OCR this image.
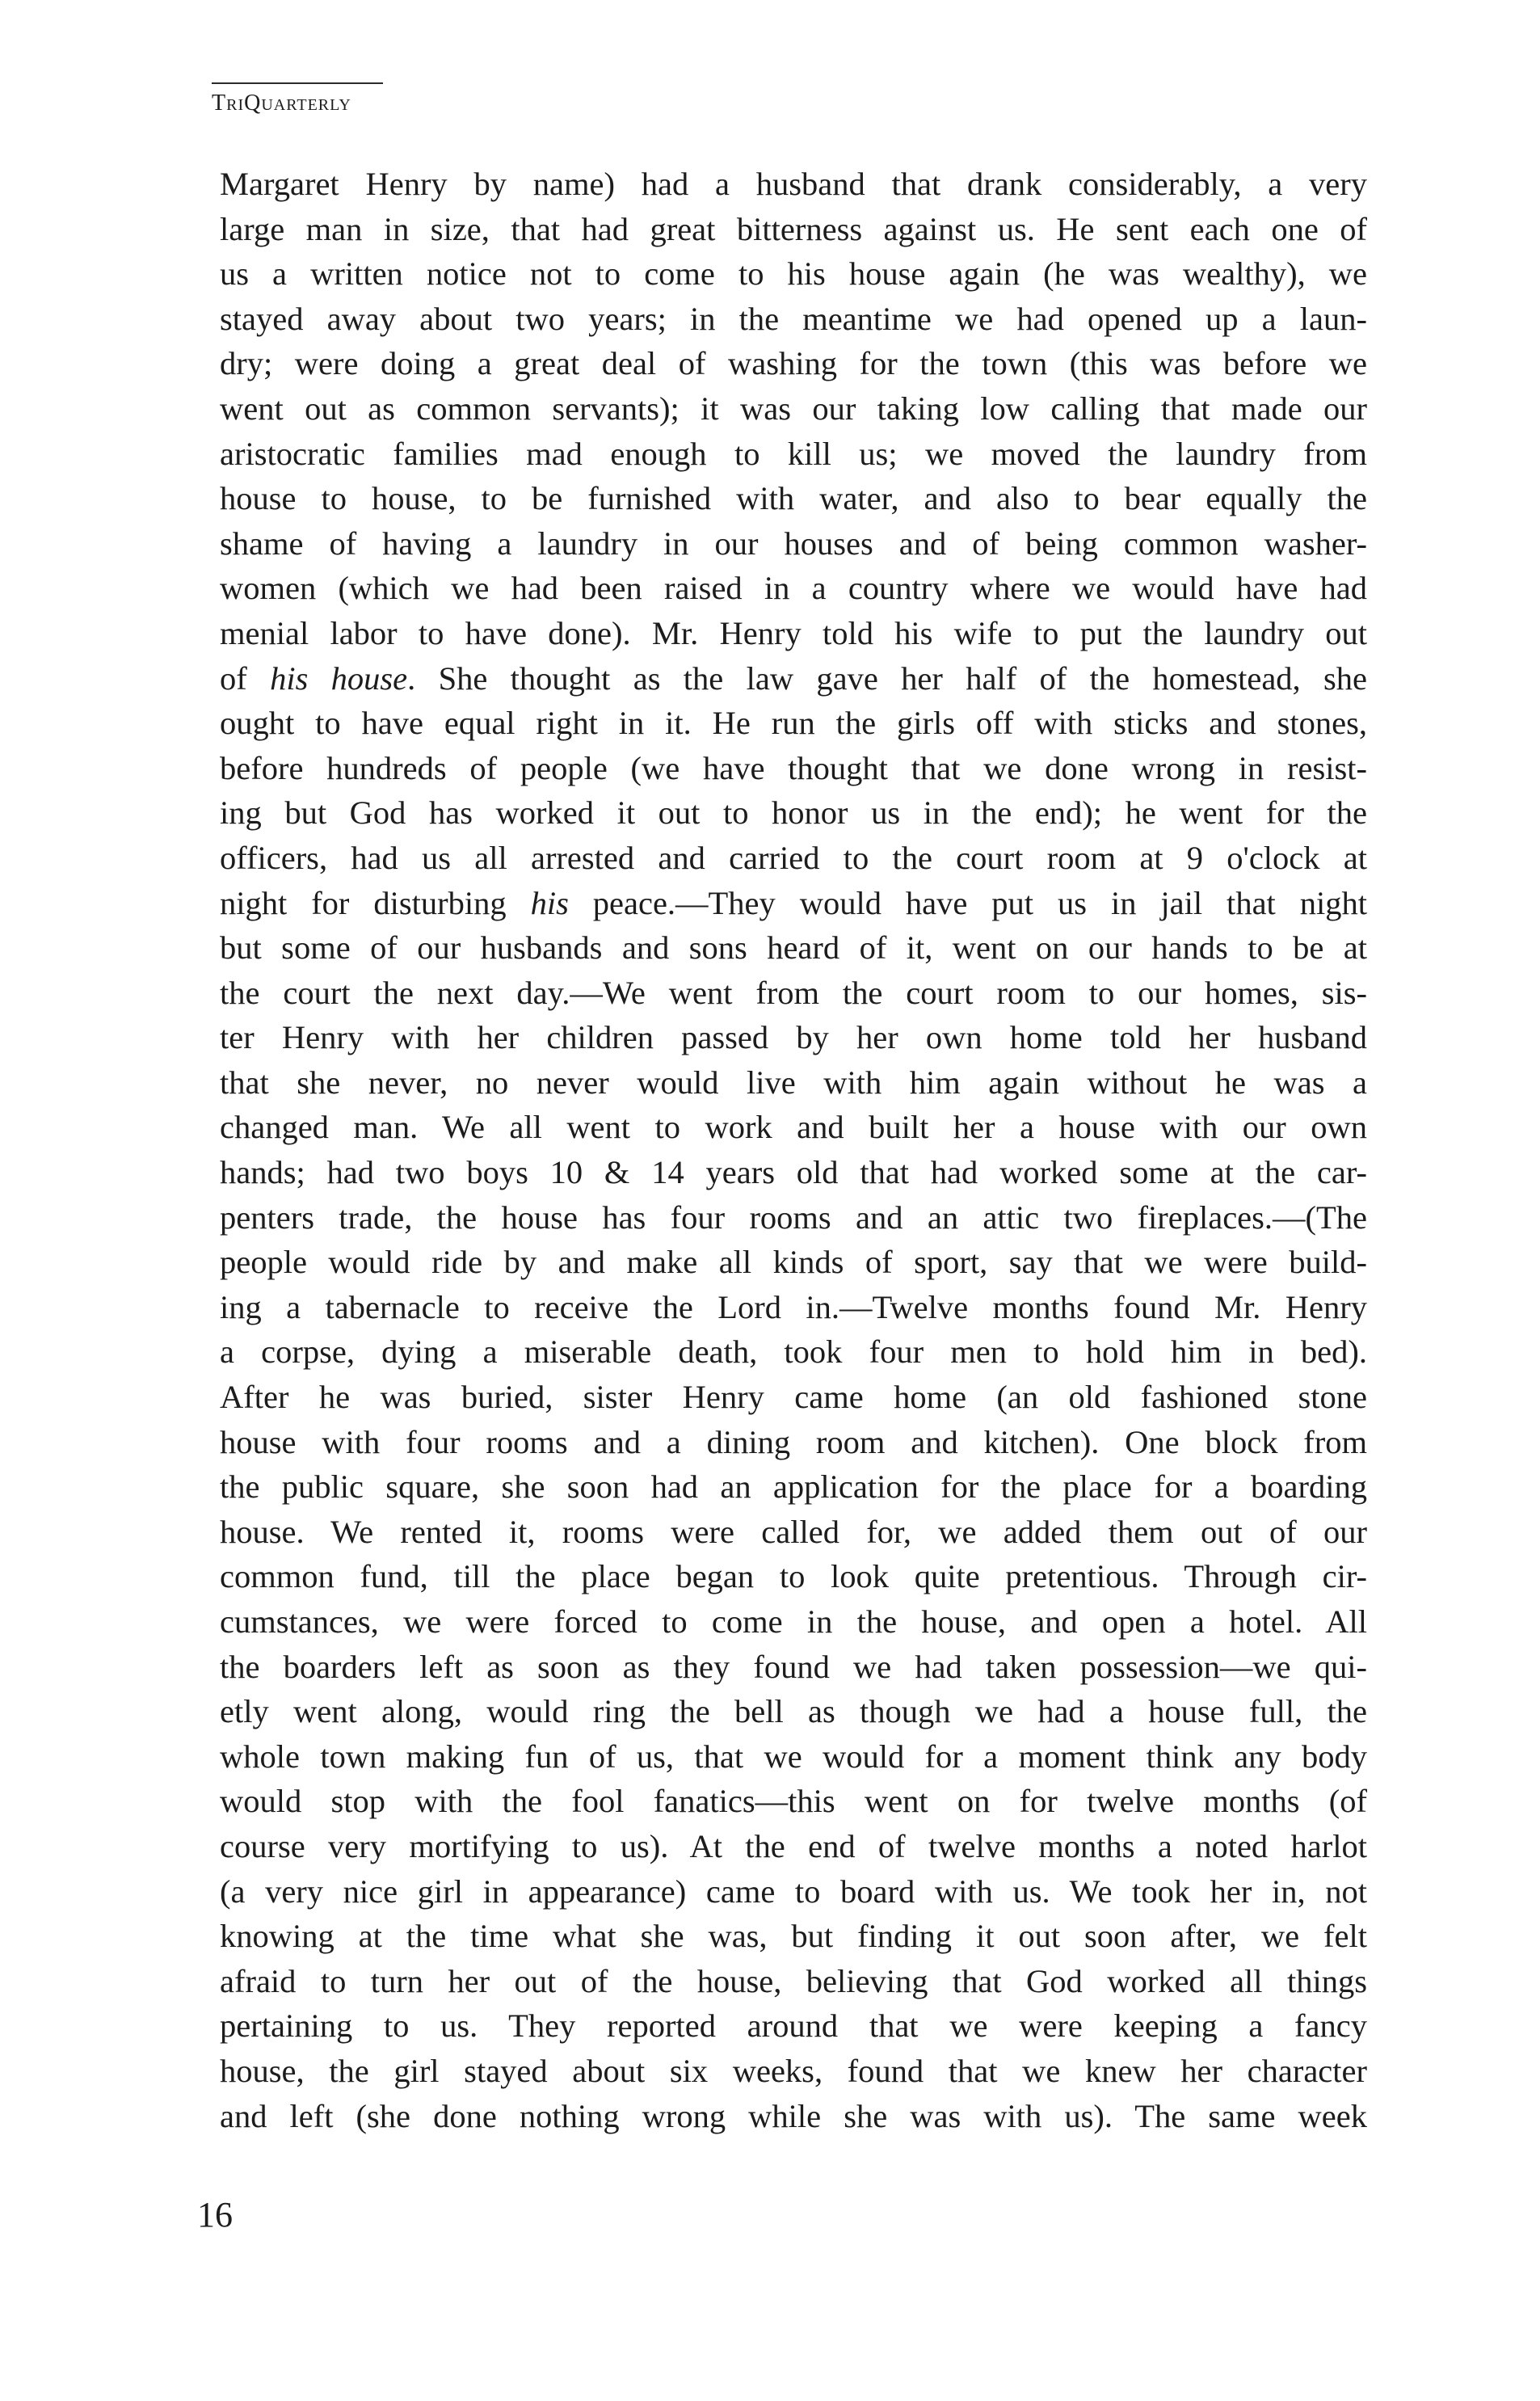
TriQuarterly
Margaret Henry by name) had a husband that drank considerably, a very
large man in size, that had great bitterness against us. He sent each one of
us a written notice not to come to his house again (he was wealthy), we
stayed away about two years; in the meantime we had opened up a laun-
dry; were doing a great deal of washing for the town (this was before we
went out as common servants); it was our taking low calling that made our
aristocratic families mad enough to kill us; we moved the laundry from
house to house, to be furnished with water, and also to bear equally the
shame of having a laundry in our houses and of being common washer-
women (which we had been raised in a country where we would have had
menial labor to have done). Mr. Henry told his wife to put the laundry out
of his house. She thought as the law gave her half of the homestead, she
ought to have equal right in it. He run the girls off with sticks and stones,
before hundreds of people (we have thought that we done wrong in resist-
ing but God has worked it out to honor us in the end); he went for the
officers, had us all arrested and carried to the court room at 9 o'clock at
night for disturbing his peace.—They would have put us in jail that night
but some of our husbands and sons heard of it, went on our hands to be at
the court the next day.—We went from the court room to our homes, sis-
ter Henry with her children passed by her own home told her husband
that she never, no never would live with him again without he was a
changed man. We all went to work and built her a house with our own
hands; had two boys 10 & 14 years old that had worked some at the car-
penters trade, the house has four rooms and an attic two fireplaces.—(The
people would ride by and make all kinds of sport, say that we were build-
ing a tabernacle to receive the Lord in.—Twelve months found Mr. Henry
a corpse, dying a miserable death, took four men to hold him in bed).
After he was buried, sister Henry came home (an old fashioned stone
house with four rooms and a dining room and kitchen). One block from
the public square, she soon had an application for the place for a boarding
house. We rented it, rooms were called for, we added them out of our
common fund, till the place began to look quite pretentious. Through cir-
cumstances, we were forced to come in the house, and open a hotel. All
the boarders left as soon as they found we had taken possession—we qui-
etly went along, would ring the bell as though we had a house full, the
whole town making fun of us, that we would for a moment think any body
would stop with the fool fanatics—this went on for twelve months (of
course very mortifying to us). At the end of twelve months a noted harlot
(a very nice girl in appearance) came to board with us. We took her in, not
knowing at the time what she was, but finding it out soon after, we felt
afraid to turn her out of the house, believing that God worked all things
pertaining to us. They reported around that we were keeping a fancy
house, the girl stayed about six weeks, found that we knew her character
and left (she done nothing wrong while she was with us). The same week
16
